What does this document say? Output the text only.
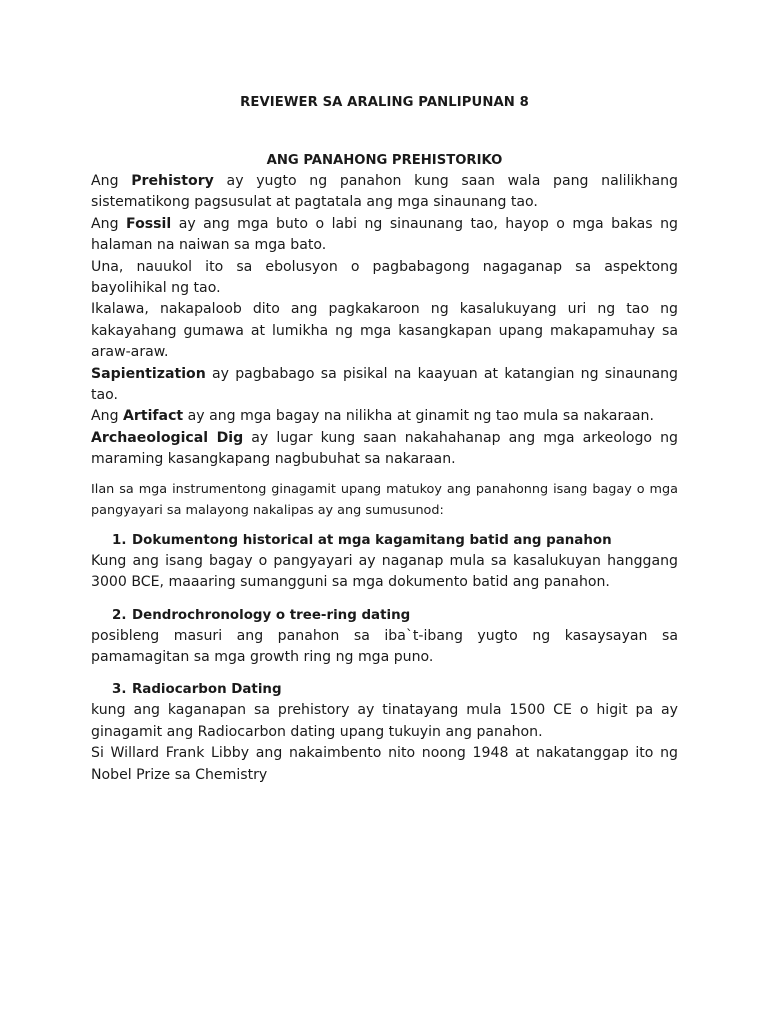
REVIEWER SA ARALING PANLIPUNAN 8
ANG PANAHONG PREHISTORIKO

Ang Prehistory ay yugto ng panahon kung saan wala pang nalilikhang sistematikong pagsusulat at pagtatala ang mga sinaunang tao.

Ang Fossil ay ang mga buto o labi ng sinaunang tao, hayop o mga bakas ng halaman na naiwan sa mga bato.

Una, nauukol ito sa ebolusyon o pagbabagong nagaganap sa aspektong bayolihikal ng tao.

Ikalawa, nakapaloob dito ang pagkakaroon ng kasalukuyang uri ng tao ng kakayahang gumawa at lumikha ng mga kasangkapan upang makapamuhay sa araw-araw.

Sapientization ay pagbabago sa pisikal na kaayuan at katangian ng sinaunang tao.

Ang Artifact ay ang mga bagay na nilikha at ginamit ng tao mula sa nakaraan.

Archaeological Dig ay lugar kung saan nakahahanap ang mga arkeologo ng maraming kasangkapang nagbubuhat sa nakaraan.

Ilan sa mga instrumentong ginagamit upang matukoy ang panahonng isang bagay o mga pangyayari sa malayong nakalipas ay ang sumusunod:

1. Dokumentong historical at mga kagamitang batid ang panahon

Kung ang isang bagay o pangyayari ay naganap mula sa kasalukuyan hanggang 3000 BCE, maaaring sumangguni sa mga dokumento batid ang panahon.

2. Dendrochronology o tree-ring dating

posibleng masuri ang panahon sa iba`t-ibang yugto ng kasaysayan sa pamamagitan sa mga growth ring ng mga puno.

3. Radiocarbon Dating

kung ang kaganapan sa prehistory ay tinatayang mula 1500 CE o higit pa ay ginagamit ang Radiocarbon dating upang tukuyin ang panahon.

Si Willard Frank Libby ang nakaimbento nito noong 1948 at nakatanggap ito ng Nobel Prize sa Chemistry
